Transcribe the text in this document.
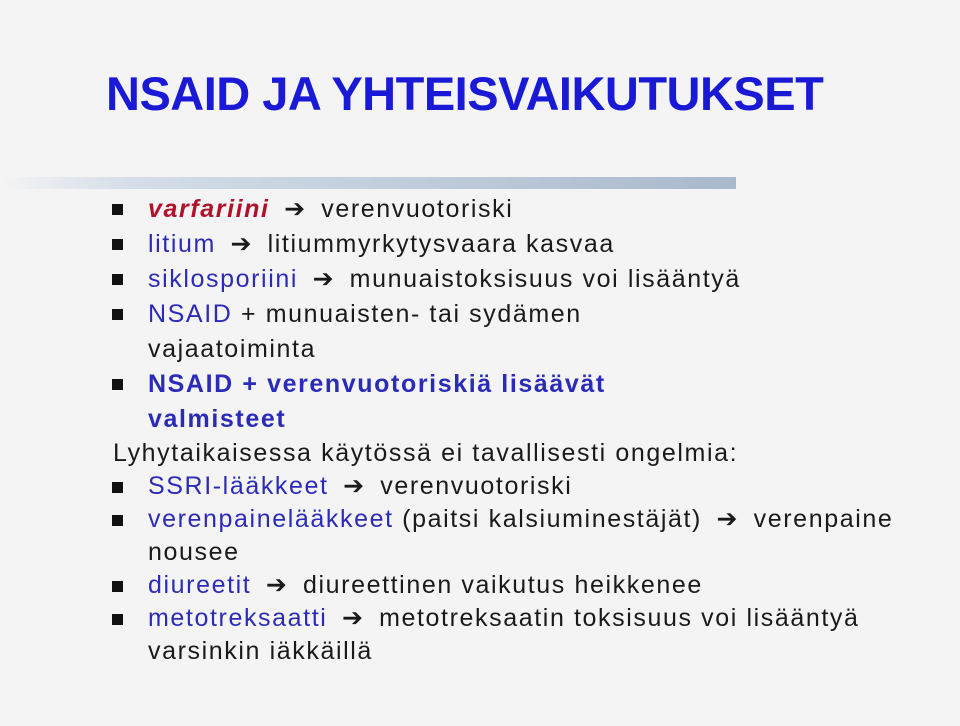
NSAID JA YHTEISVAIKUTUKSET
varfariini ➔ verenvuotoriski
litium ➔ litiummyrkytysvaara kasvaa
siklosporiini ➔ munuaistoksisuus voi lisääntyä
NSAID + munuaisten- tai sydämen
vajaatoiminta
NSAID + verenvuotoriskiä lisäävät
valmisteet
Lyhytaikaisessa käytössä ei tavallisesti ongelmia:
SSRI-lääkkeet ➔ verenvuotoriski
verenpainelääkkeet (paitsi kalsiuminestäjät) ➔ verenpaine
nousee
diureetit ➔ diureettinen vaikutus heikkenee
metotreksaatti ➔ metotreksaatin toksisuus voi lisääntyä
varsinkin iäkkäillä
